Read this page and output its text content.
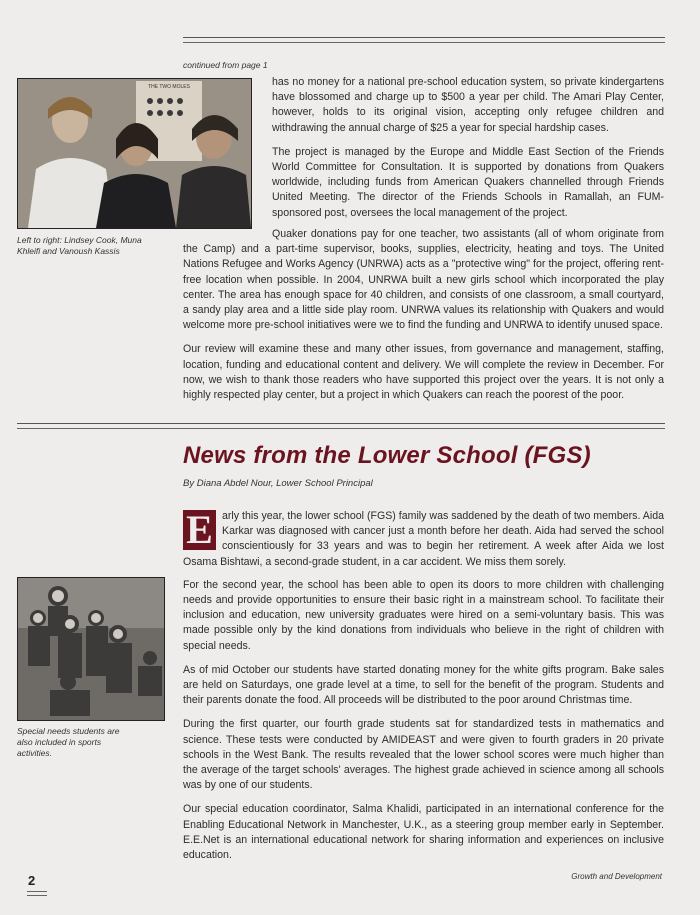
continued from page 1
THE TWO MOLES
Left to right: Lindsey Cook, Muna Khleifi and Vanoush Kassis

has no money for a national pre-school education system, so private kindergartens have blossomed and charge up to $500 a year per child. The Amari Play Center, however, holds to its original vision, accepting only refugee children and withdrawing the annual charge of $25 a year for special hardship cases.

The project is managed by the Europe and Middle East Section of the Friends World Committee for Consultation. It is supported by donations from Quakers worldwide, including funds from American Quakers channelled through Friends United Meeting. The director of the Friends Schools in Ramallah, an FUM-sponsored post, oversees the local management of the project.

Quaker donations pay for one teacher, two assistants (all of whom originate from the Camp) and a part-time supervisor, books, supplies, electricity, heating and toys. The United Nations Refugee and Works Agency (UNRWA) acts as a "protective wing" for the project, offering rent-free location when possible. In 2004, UNRWA built a new girls school which incorporated the play center. The area has enough space for 40 children, and consists of one classroom, a small courtyard, a sandy play area and a little side play room. UNRWA values its relationship with Quakers and would welcome more pre-school initiatives were we to find the funding and UNRWA to identify unused space.

Our review will examine these and many other issues, from governance and management, staffing, location, funding and educational content and delivery. We will complete the review in December. For now, we wish to thank those readers who have supported this project over the years. It is not only a highly respected play center, but a project in which Quakers can reach the poorest of the poor.

News from the Lower School (FGS)
By Diana Abdel Nour, Lower School Principal
Special needs students are also included in sports activities.

E arly this year, the lower school (FGS) family was saddened by the death of two members. Aida Karkar was diagnosed with cancer just a month before her death. Aida had served the school conscientiously for 33 years and was to begin her retirement. A week after Aida we lost Osama Bishtawi, a second-grade student, in a car accident. We miss them sorely.

For the second year, the school has been able to open its doors to more children with challenging needs and provide opportunities to ensure their basic right in a mainstream school. To facilitate their inclusion and education, new university graduates were hired on a semi-voluntary basis. This was made possible only by the kind donations from individuals who believe in the right of children with special needs.

As of mid October our students have started donating money for the white gifts program. Bake sales are held on Saturdays, one grade level at a time, to sell for the benefit of the program. Students and their parents donate the food. All proceeds will be distributed to the poor around Christmas time.

During the first quarter, our fourth grade students sat for standardized tests in mathematics and science. These tests were conducted by AMIDEAST and were given to fourth graders in 20 private schools in the West Bank. The results revealed that the lower school scores were much higher than the average of the target schools' averages. The highest grade achieved in science among all schools was by one of our students.

Our special education coordinator, Salma Khalidi, participated in an international conference for the Enabling Educational Network in Manchester, U.K., as a steering group member early in September. E.E.Net is an international educational network for sharing information and experiences on inclusive education.

2	Growth and Development
